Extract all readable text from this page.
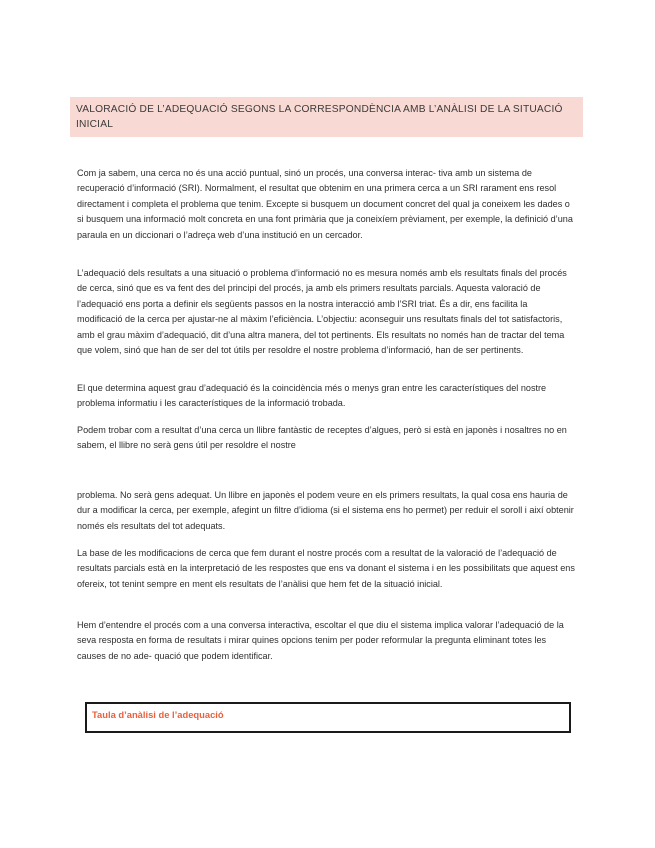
VALORACIÓ DE L’ADEQUACIÓ SEGONS LA CORRESPONDÈNCIA AMB L’ANÀLISI DE LA SITUACIÓ INICIAL

Com ja sabem, una cerca no és una acció puntual, sinó un procés, una conversa interac- tiva amb un sistema de recuperació d’informació (SRI). Normalment, el resultat que obtenim en una primera cerca a un SRI rarament ens resol directament i completa el problema que tenim. Excepte si busquem un document concret del qual ja coneixem les dades o si busquem una informació molt concreta en una font primària que ja coneixíem prèviament, per exemple, la definició d’una paraula en un diccionari o l’adreça web d’una institució en un cercador.

L’adequació dels resultats a una situació o problema d’informació no es mesura només amb els resultats finals del procés de cerca, sinó que es va fent des del principi del procés, ja amb els primers resultats parcials. Aquesta valoració de l’adequació ens porta a definir els següents passos en la nostra interacció amb l’SRI triat. És a dir, ens facilita la modificació de la cerca per ajustar-ne al màxim l’eficiència. L’objectiu: aconseguir uns resultats finals del tot satisfactoris, amb el grau màxim d’adequació, dit d’una altra manera, del tot pertinents. Els resultats no només han de tractar del tema que volem, sinó que han de ser del tot útils per resoldre el nostre problema d’informació, han de ser pertinents.

El que determina aquest grau d’adequació és la coincidència més o menys gran entre les característiques del nostre problema informatiu i les característiques de la informació trobada.

Podem trobar com a resultat d’una cerca un llibre fantàstic de receptes d’algues, però si està en japonès i nosaltres no en sabem, el llibre no serà gens útil per resoldre el nostre

problema. No serà gens adequat. Un llibre en japonès el podem veure en els primers resultats, la qual cosa ens hauria de dur a modificar la cerca, per exemple, afegint un filtre d’idioma (si el sistema ens ho permet) per reduir el soroll i així obtenir només els resultats del tot adequats.

La base de les modificacions de cerca que fem durant el nostre procés com a resultat de la valoració de l’adequació de resultats parcials està en la interpretació de les respostes que ens va donant el sistema i en les possibilitats que aquest ens ofereix, tot tenint sempre en ment els resultats de l’anàlisi que hem fet de la situació inicial.

Hem d’entendre el procés com a una conversa interactiva, escoltar el que diu el sistema implica valorar l’adequació de la seva resposta en forma de resultats i mirar quines opcions tenim per poder reformular la pregunta eliminant totes les causes de no ade- quació que podem identificar.

Taula d’anàlisi de l’adequació
